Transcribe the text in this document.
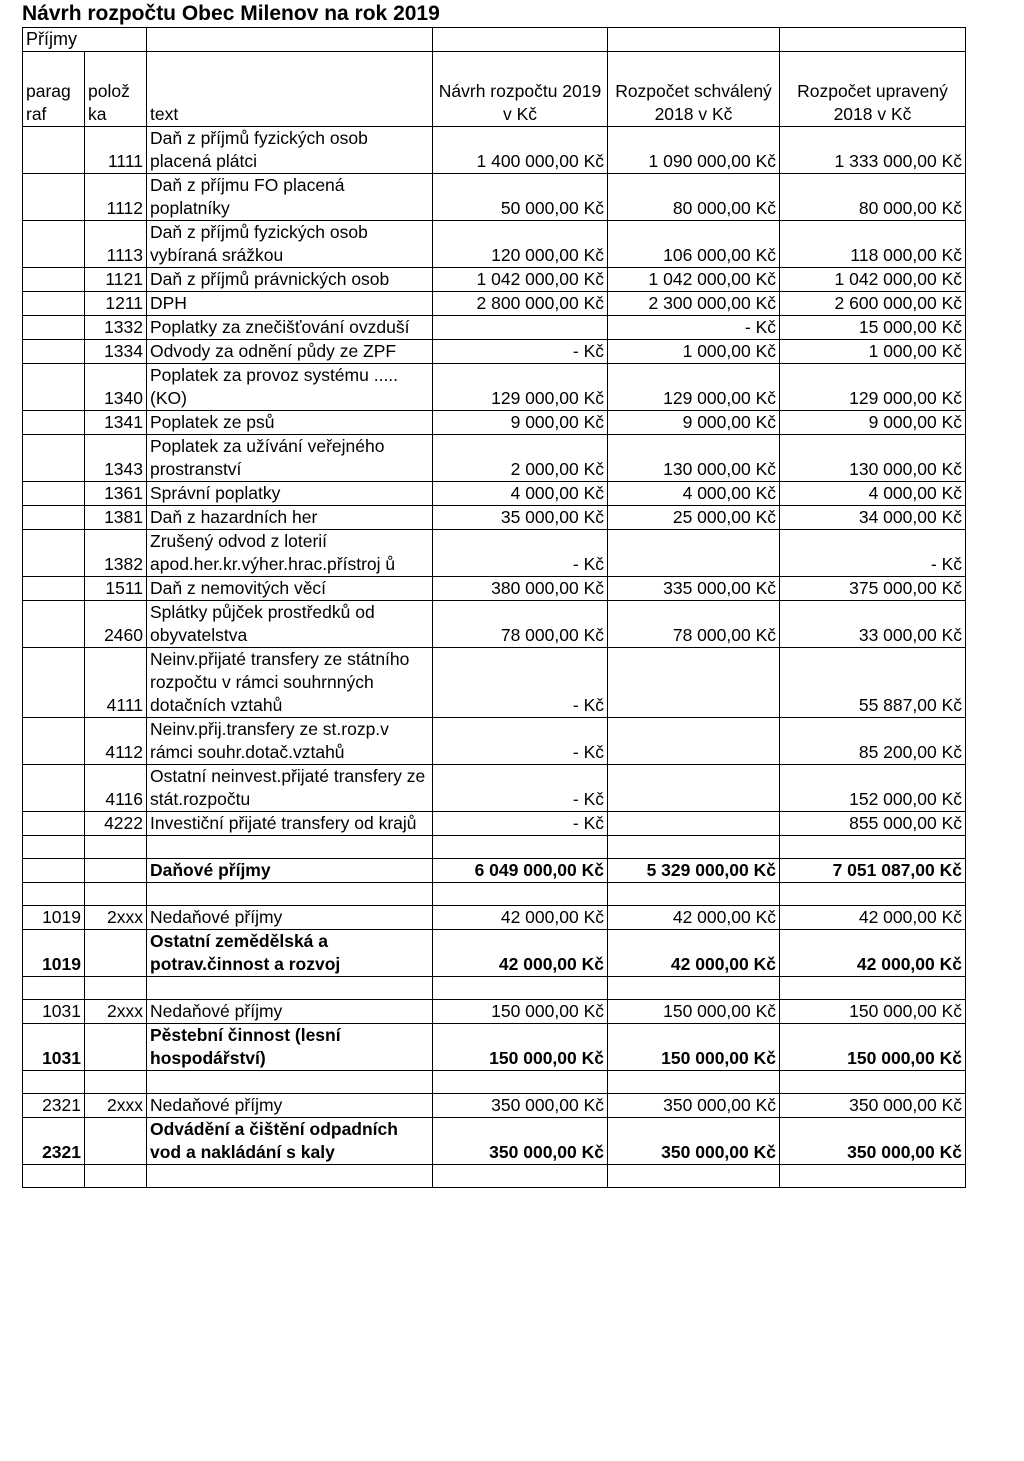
Návrh rozpočtu Obec Milenov na rok 2019
Příjmy					
parag raf	polož ka	text	Návrh rozpočtu 2019 v Kč	Rozpočet schválený 2018 v Kč	Rozpočet upravený 2018 v Kč
	1111	Daň z příjmů fyzických osob placená plátci	1 400 000,00 Kč	1 090 000,00 Kč	1 333 000,00 Kč
	1112	Daň z příjmu FO placená poplatníky	50 000,00 Kč	80 000,00 Kč	80 000,00 Kč
	1113	Daň z příjmů fyzických osob vybíraná srážkou	120 000,00 Kč	106 000,00 Kč	118 000,00 Kč
	1121	Daň z příjmů právnických osob	1 042 000,00 Kč	1 042 000,00 Kč	1 042 000,00 Kč
	1211	DPH	2 800 000,00 Kč	2 300 000,00 Kč	2 600 000,00 Kč
	1332	Poplatky za znečišťování ovzduší		- Kč	15 000,00 Kč
	1334	Odvody za odnění půdy ze ZPF	- Kč	1 000,00 Kč	1 000,00 Kč
	1340	Poplatek za provoz systému ..... (KO)	129 000,00 Kč	129 000,00 Kč	129 000,00 Kč
	1341	Poplatek ze psů	9 000,00 Kč	9 000,00 Kč	9 000,00 Kč
	1343	Poplatek za užívání veřejného prostranství	2 000,00 Kč	130 000,00 Kč	130 000,00 Kč
	1361	Správní poplatky	4 000,00 Kč	4 000,00 Kč	4 000,00 Kč
	1381	Daň z hazardních her	35 000,00 Kč	25 000,00 Kč	34 000,00 Kč
	1382	Zrušený odvod z loterií apod.her.kr.výher.hrac.přístroj ů	- Kč		- Kč
	1511	Daň z nemovitých věcí	380 000,00 Kč	335 000,00 Kč	375 000,00 Kč
	2460	Splátky půjček prostředků od obyvatelstva	78 000,00 Kč	78 000,00 Kč	33 000,00 Kč
	4111	Neinv.přijaté transfery ze státního rozpočtu v rámci souhrnných dotačních vztahů	- Kč		55 887,00 Kč
	4112	Neinv.přij.transfery ze st.rozp.v rámci souhr.dotač.vztahů	- Kč		85 200,00 Kč
	4116	Ostatní neinvest.přijaté transfery ze stát.rozpočtu	- Kč		152 000,00 Kč
	4222	Investiční přijaté transfery od krajů	- Kč		855 000,00 Kč

		Daňové příjmy	6 049 000,00 Kč	5 329 000,00 Kč	7 051 087,00 Kč

1019	2xxx	Nedaňové příjmy	42 000,00 Kč	42 000,00 Kč	42 000,00 Kč
1019		Ostatní zemědělská a potrav.činnost a rozvoj	42 000,00 Kč	42 000,00 Kč	42 000,00 Kč

1031	2xxx	Nedaňové příjmy	150 000,00 Kč	150 000,00 Kč	150 000,00 Kč
1031		Pěstební činnost (lesní hospodářství)	150 000,00 Kč	150 000,00 Kč	150 000,00 Kč

2321	2xxx	Nedaňové příjmy	350 000,00 Kč	350 000,00 Kč	350 000,00 Kč
2321		Odvádění a čištění odpadních vod a nakládání s kaly	350 000,00 Kč	350 000,00 Kč	350 000,00 Kč
